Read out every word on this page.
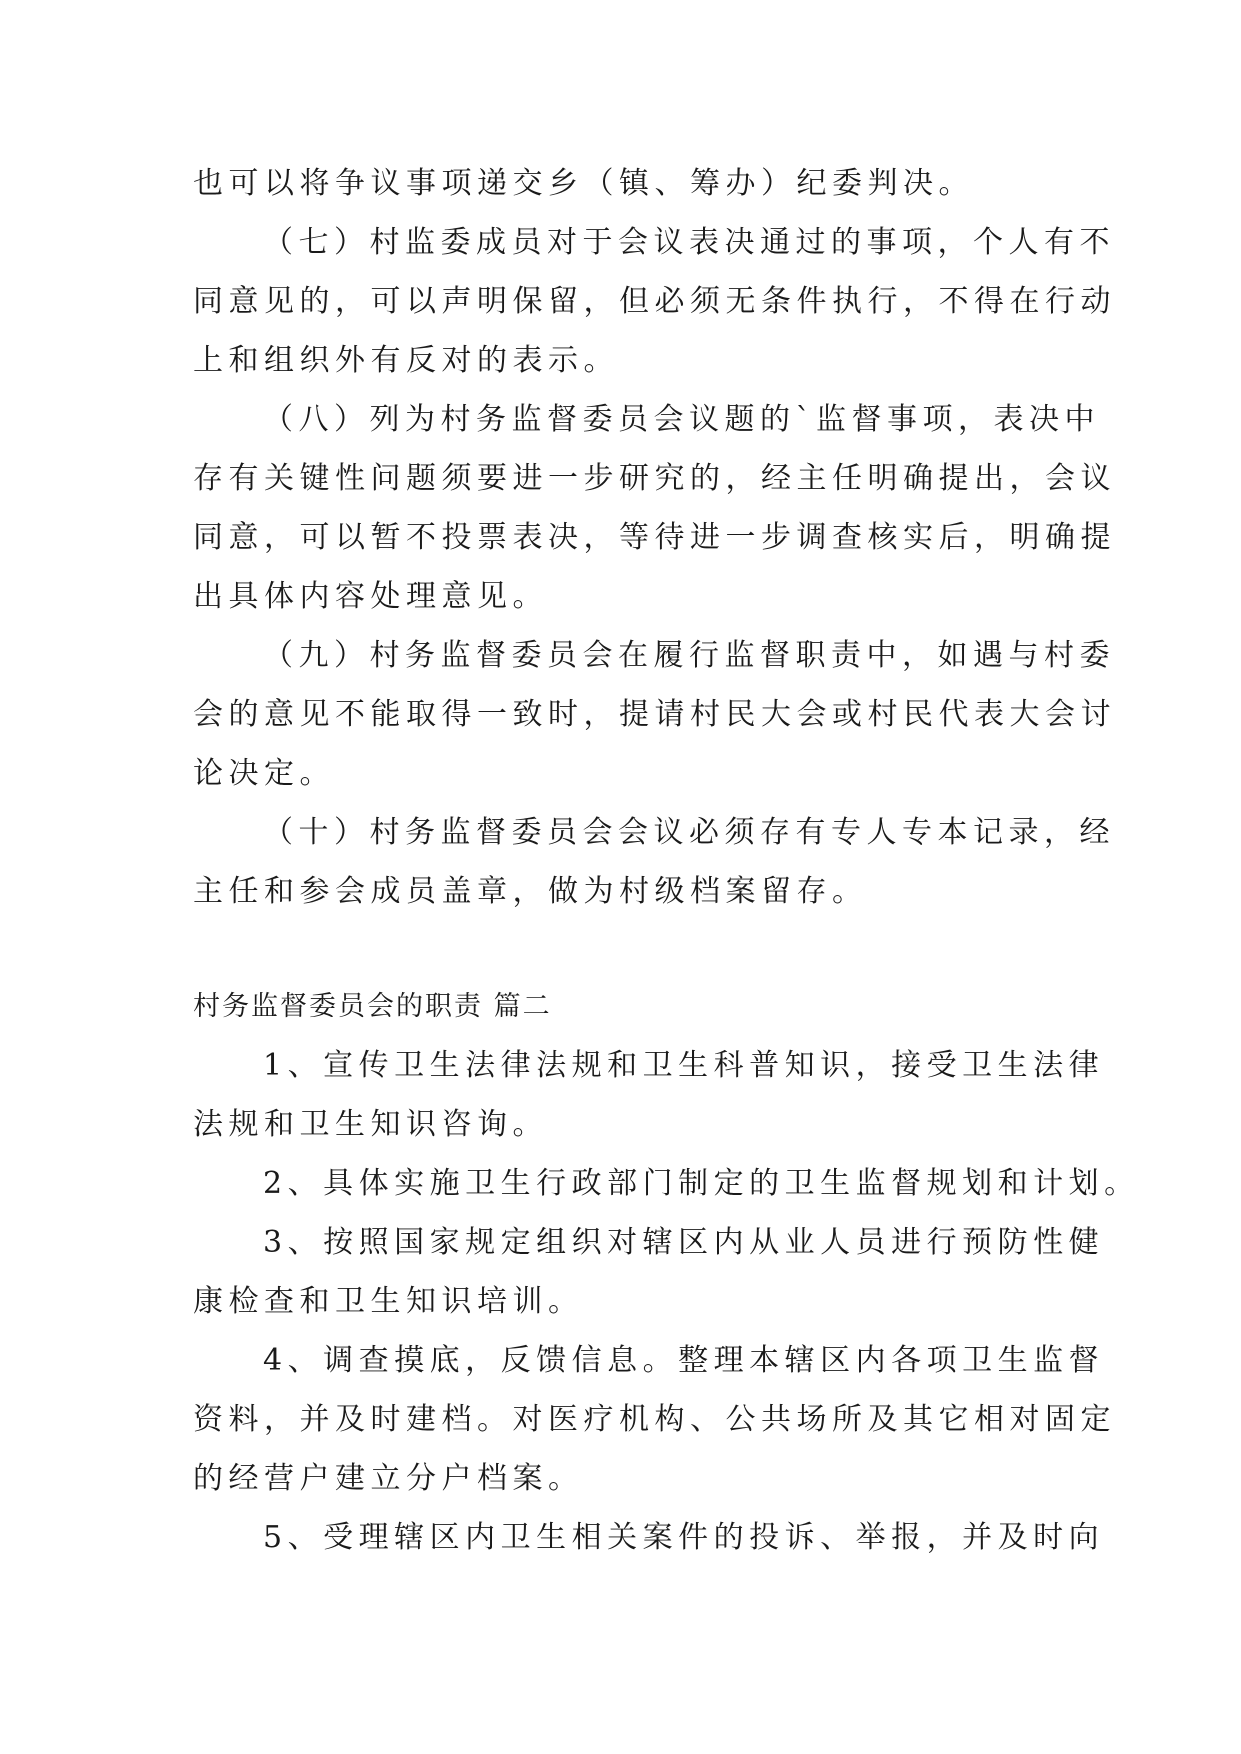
也可以将争议事项递交乡（镇、筹办）纪委判决。
（七）村监委成员对于会议表决通过的事项，个人有不
同意见的，可以声明保留，但必须无条件执行，不得在行动
上和组织外有反对的表示。
（八）列为村务监督委员会议题的`监督事项，表决中
存有关键性问题须要进一步研究的，经主任明确提出，会议
同意，可以暂不投票表决，等待进一步调查核实后，明确提
出具体内容处理意见。
（九）村务监督委员会在履行监督职责中，如遇与村委
会的意见不能取得一致时，提请村民大会或村民代表大会讨
论决定。
（十）村务监督委员会会议必须存有专人专本记录，经
主任和参会成员盖章，做为村级档案留存。
村务监督委员会的职责 篇二
1、宣传卫生法律法规和卫生科普知识，接受卫生法律
法规和卫生知识咨询。
2、具体实施卫生行政部门制定的卫生监督规划和计划。
3、按照国家规定组织对辖区内从业人员进行预防性健
康检查和卫生知识培训。
4、调查摸底，反馈信息。整理本辖区内各项卫生监督
资料，并及时建档。对医疗机构、公共场所及其它相对固定
的经营户建立分户档案。
5、受理辖区内卫生相关案件的投诉、举报，并及时向
